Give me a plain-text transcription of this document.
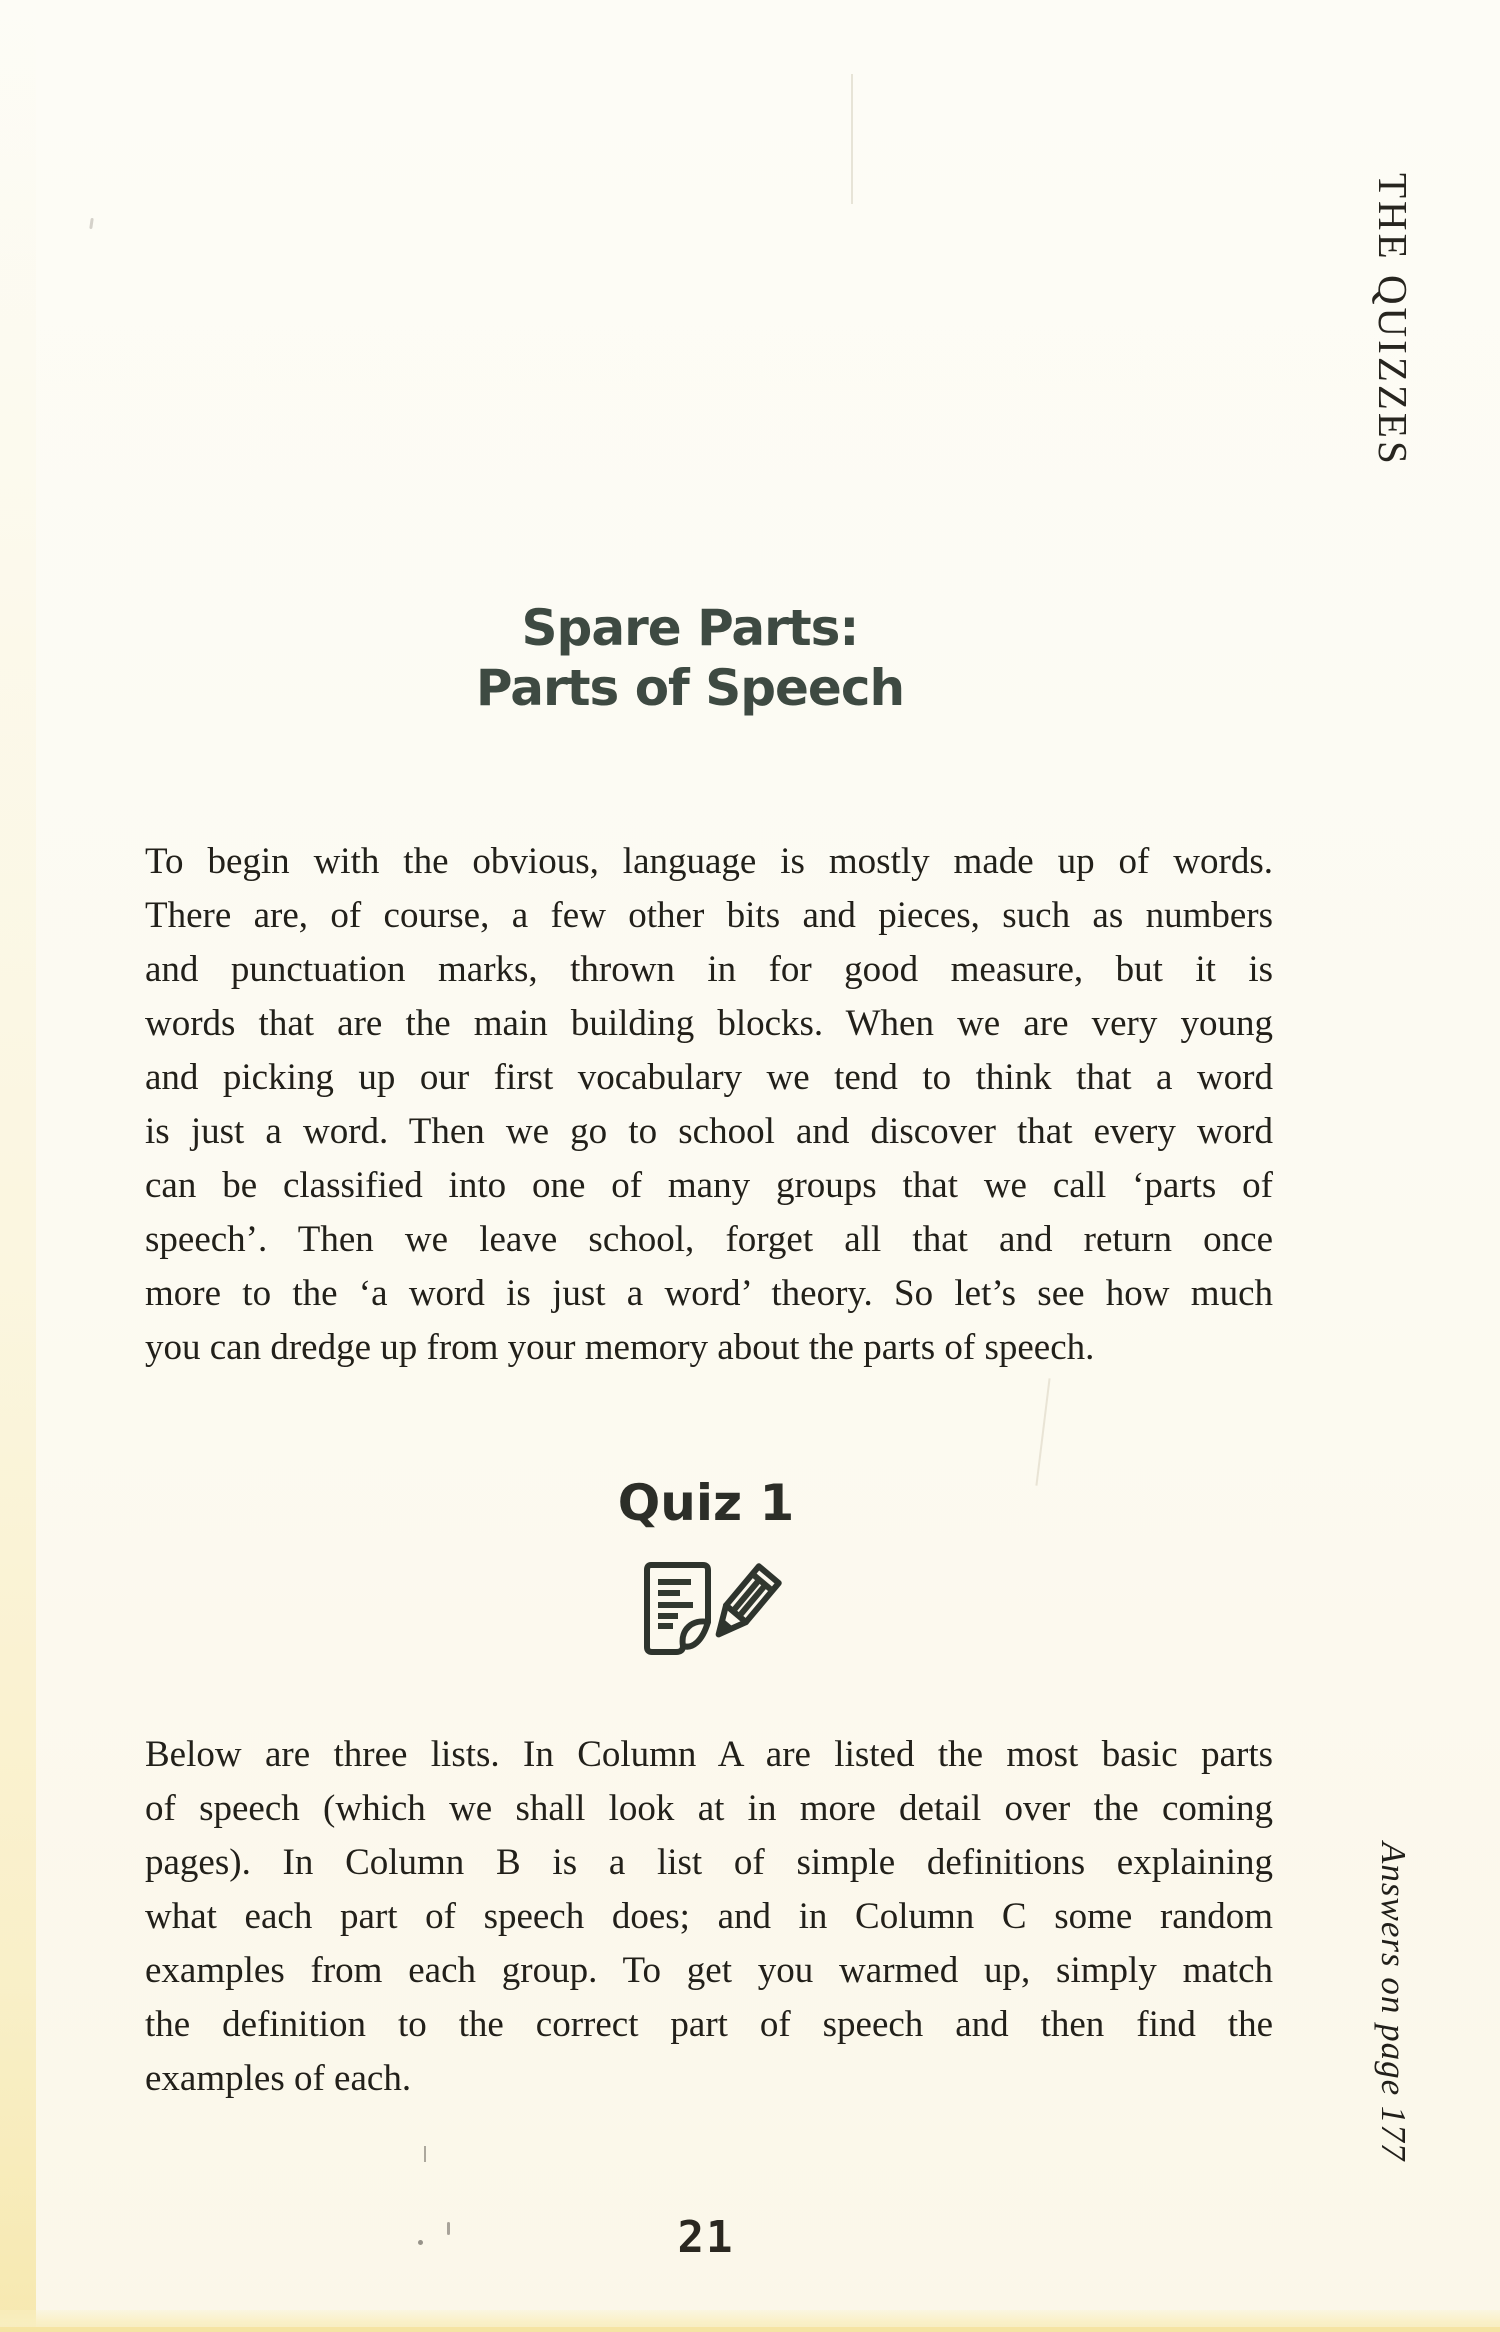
THE QUIZZES
Spare Parts:
Parts of Speech
To begin with the obvious, language is mostly made up of words.
There are, of course, a few other bits and pieces, such as numbers
and punctuation marks, thrown in for good measure, but it is
words that are the main building blocks. When we are very young
and picking up our first vocabulary we tend to think that a word
is just a word. Then we go to school and discover that every word
can be classified into one of many groups that we call ‘parts of
speech’. Then we leave school, forget all that and return once
more to the ‘a word is just a word’ theory. So let’s see how much
you can dredge up from your memory about the parts of speech.
Quiz 1
Below are three lists. In Column A are listed the most basic parts
of speech (which we shall look at in more detail over the coming
pages). In Column B is a list of simple definitions explaining
what each part of speech does; and in Column C some random
examples from each group. To get you warmed up, simply match
the definition to the correct part of speech and then find the
examples of each.	Answers on page 177
21
